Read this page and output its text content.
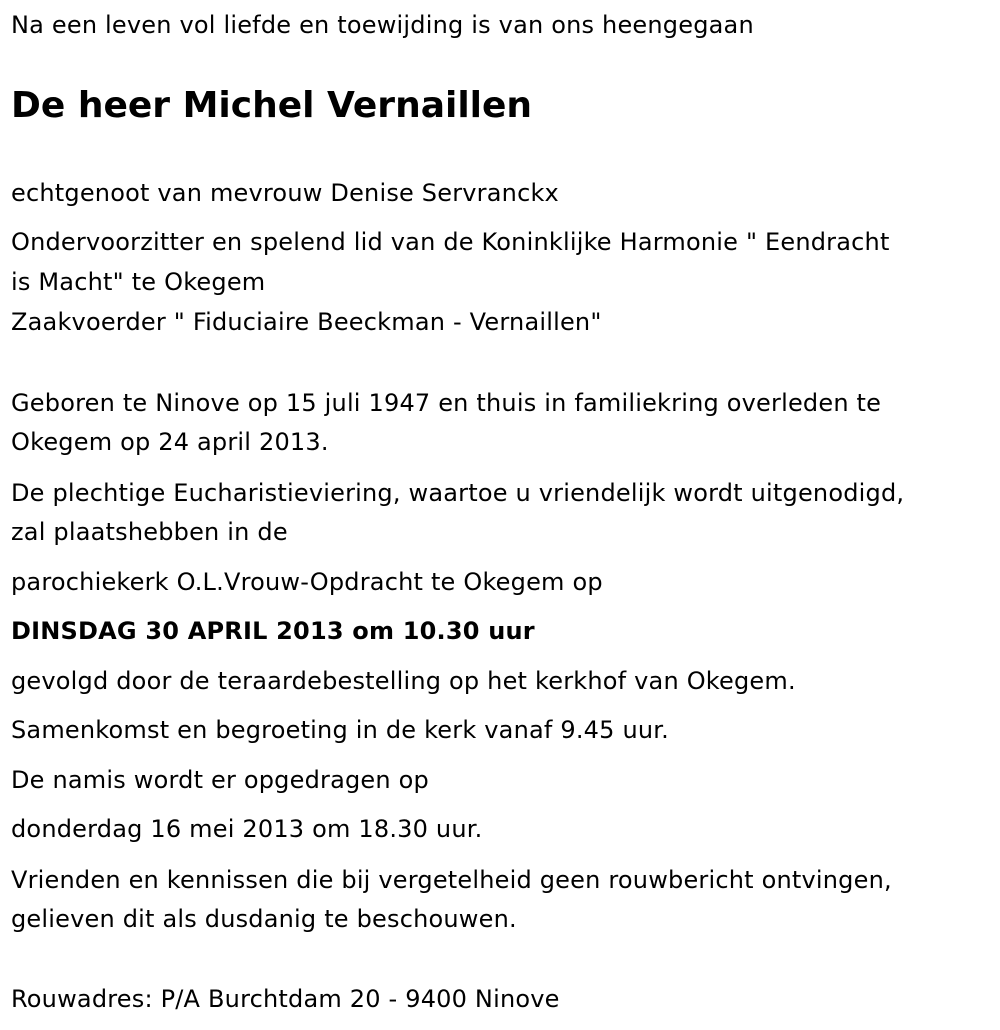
Na een leven vol liefde en toewijding is van ons heengegaan

De heer Michel Vernaillen

echtgenoot van mevrouw Denise Servranckx

Ondervoorzitter en spelend lid van de Koninklijke Harmonie " Eendracht

is Macht" te Okegem

Zaakvoerder " Fiduciaire Beeckman - Vernaillen"

Geboren te Ninove op 15 juli 1947 en thuis in familiekring overleden te

Okegem op 24 april 2013.

De plechtige Eucharistieviering, waartoe u vriendelijk wordt uitgenodigd,

zal plaatshebben in de

parochiekerk O.L.Vrouw-Opdracht te Okegem op

DINSDAG 30 APRIL 2013 om 10.30 uur

gevolgd door de teraardebestelling op het kerkhof van Okegem.

Samenkomst en begroeting in de kerk vanaf 9.45 uur.

De namis wordt er opgedragen op

donderdag 16 mei 2013 om 18.30 uur.

Vrienden en kennissen die bij vergetelheid geen rouwbericht ontvingen,

gelieven dit als dusdanig te beschouwen.

Rouwadres: P/A Burchtdam 20 - 9400 Ninove
